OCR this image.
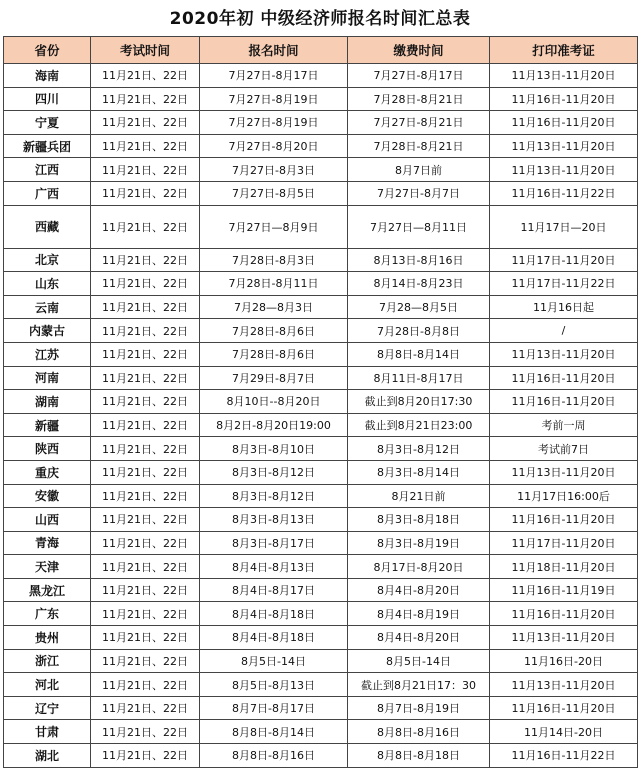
2020年初 中级经济师报名时间汇总表
省份	考试时间	报名时间	缴费时间	打印准考证
海南	11月21日、22日	7月27日-8月17日	7月27日-8月17日	11月13日-11月20日
四川	11月21日、22日	7月27日-8月19日	7月28日-8月21日	11月16日-11月20日
宁夏	11月21日、22日	7月27日-8月19日	7月27日-8月21日	11月16日-11月20日
新疆兵团	11月21日、22日	7月27日-8月20日	7月28日-8月21日	11月13日-11月20日
江西	11月21日、22日	7月27日-8月3日	8月7日前	11月13日-11月20日
广西	11月21日、22日	7月27日-8月5日	7月27日-8月7日	11月16日-11月22日
西藏	11月21日、22日	7月27日—8月9日	7月27日—8月11日	11月17日—20日
北京	11月21日、22日	7月28日-8月3日	8月13日-8月16日	11月17日-11月20日
山东	11月21日、22日	7月28日-8月11日	8月14日-8月23日	11月17日-11月22日
云南	11月21日、22日	7月28—8月3日	7月28—8月5日	11月16日起
内蒙古	11月21日、22日	7月28日-8月6日	7月28日-8月8日	/
江苏	11月21日、22日	7月28日-8月6日	8月8日-8月14日	11月13日-11月20日
河南	11月21日、22日	7月29日-8月7日	8月11日-8月17日	11月16日-11月20日
湖南	11月21日、22日	8月10日--8月20日	截止到8月20日17:30	11月16日-11月20日
新疆	11月21日、22日	8月2日-8月20日19:00	截止到8月21日23:00	考前一周
陕西	11月21日、22日	8月3日-8月10日	8月3日-8月12日	考试前7日
重庆	11月21日、22日	8月3日-8月12日	8月3日-8月14日	11月13日-11月20日
安徽	11月21日、22日	8月3日-8月12日	8月21日前	11月17日16:00后
山西	11月21日、22日	8月3日-8月13日	8月3日-8月18日	11月16日-11月20日
青海	11月21日、22日	8月3日-8月17日	8月3日-8月19日	11月17日-11月20日
天津	11月21日、22日	8月4日-8月13日	8月17日-8月20日	11月18日-11月20日
黑龙江	11月21日、22日	8月4日-8月17日	8月4日-8月20日	11月16日-11月19日
广东	11月21日、22日	8月4日-8月18日	8月4日-8月19日	11月16日-11月20日
贵州	11月21日、22日	8月4日-8月18日	8月4日-8月20日	11月13日-11月20日
浙江	11月21日、22日	8月5日-14日	8月5日-14日	11月16日-20日
河北	11月21日、22日	8月5日-8月13日	截止到8月21日17：30	11月13日-11月20日
辽宁	11月21日、22日	8月7日-8月17日	8月7日-8月19日	11月16日-11月20日
甘肃	11月21日、22日	8月8日-8月14日	8月8日-8月16日	11月14日-20日
湖北	11月21日、22日	8月8日-8月16日	8月8日-8月18日	11月16日-11月22日
